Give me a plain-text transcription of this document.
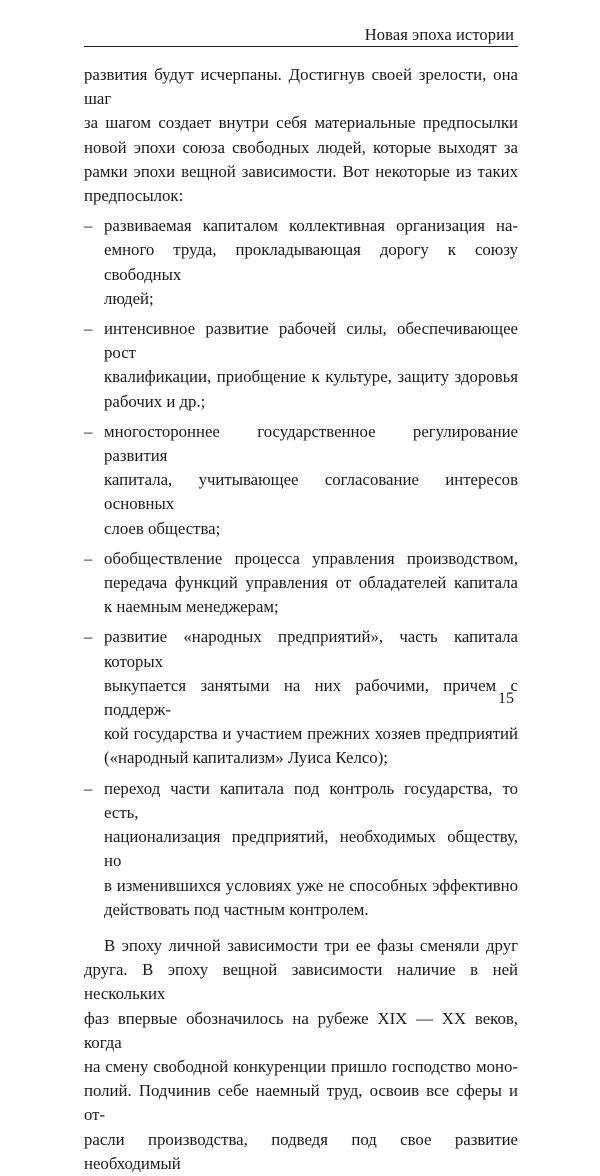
Новая эпоха истории

развития будут исчерпаны. Достигнув своей зрелости, она шаг
за шагом создает внутри себя материальные предпосылки
новой эпохи союза свободных людей, которые выходят за
рамки эпохи вещной зависимости. Вот некоторые из таких
предпосылок:

– развиваемая капиталом коллективная организация на-
емного труда, прокладывающая дорогу к союзу свободных
людей;
– интенсивное развитие рабочей силы, обеспечивающее рост
квалификации, приобщение к культуре, защиту здоровья
рабочих и др.;
– многостороннее государственное регулирование развития
капитала, учитывающее согласование интересов основных
слоев общества;
– обобществление процесса управления производством,
передача функций управления от обладателей капитала
к наемным менеджерам;
– развитие «народных предприятий», часть капитала которых
выкупается занятыми на них рабочими, причем с поддерж-
кой государства и участием прежних хозяев предприятий
(«народный капитализм» Луиса Келсо);
– переход части капитала под контроль государства, то есть,
национализация предприятий, необходимых обществу, но
в изменившихся условиях уже не способных эффективно
действовать под частным контролем.

В эпоху личной зависимости три ее фазы сменяли друг
друга. В эпоху вещной зависимости наличие в ней нескольких
фаз впервые обозначилось на рубеже XIX — XX веков, когда
на смену свободной конкуренции пришло господство моно-
полий. Подчинив себе наемный труд, освоив все сферы и от-
расли производства, подведя под свое развитие необходимый

15
